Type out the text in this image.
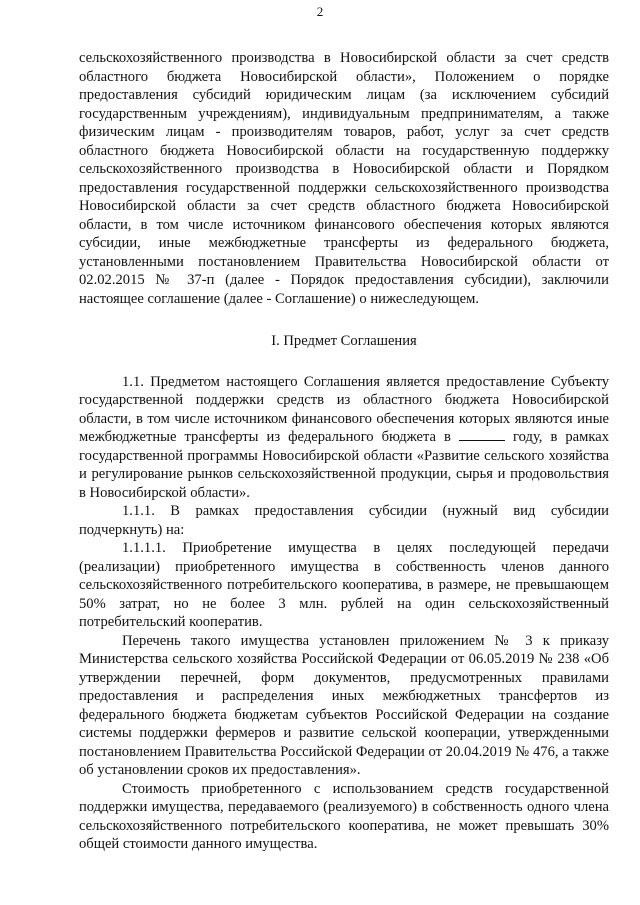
2

сельскохозяйственного производства в Новосибирской области за счет средств областного бюджета Новосибирской области», Положением о порядке предоставления субсидий юридическим лицам (за исключением субсидий государственным учреждениям), индивидуальным предпринимателям, а также физическим лицам - производителям товаров, работ, услуг за счет средств областного бюджета Новосибирской области на государственную поддержку сельскохозяйственного производства в Новосибирской области и Порядком предоставления государственной поддержки сельскохозяйственного производства Новосибирской области за счет средств областного бюджета Новосибирской области, в том числе источником финансового обеспечения которых являются субсидии, иные межбюджетные трансферты из федерального бюджета, установленными постановлением Правительства Новосибирской области от 02.02.2015 № 37-п (далее - Порядок предоставления субсидии), заключили настоящее соглашение (далее - Соглашение) о нижеследующем.

I. Предмет Соглашения

1.1. Предметом настоящего Соглашения является предоставление Субъекту государственной поддержки средств из областного бюджета Новосибирской области, в том числе источником финансового обеспечения которых являются иные межбюджетные трансферты из федерального бюджета в	году, в рамках государственной программы Новосибирской области «Развитие сельского хозяйства и регулирование рынков сельскохозяйственной продукции, сырья и продовольствия в Новосибирской области».

1.1.1. В рамках предоставления субсидии (нужный вид субсидии подчеркнуть) на:

1.1.1.1. Приобретение имущества в целях последующей передачи (реализации) приобретенного имущества в собственность членов данного сельскохозяйственного потребительского кооператива, в размере, не превышающем 50% затрат, но не более 3 млн. рублей на один сельскохозяйственный потребительский кооператив.

Перечень такого имущества установлен приложением № 3 к приказу Министерства сельского хозяйства Российской Федерации от 06.05.2019 № 238 «Об утверждении перечней, форм документов, предусмотренных правилами предоставления и распределения иных межбюджетных трансфертов из федерального бюджета бюджетам субъектов Российской Федерации на создание системы поддержки фермеров и развитие сельской кооперации, утвержденными постановлением Правительства Российской Федерации от 20.04.2019 № 476, а также об установлении сроков их предоставления».

Стоимость приобретенного с использованием средств государственной поддержки имущества, передаваемого (реализуемого) в собственность одного члена сельскохозяйственного потребительского кооператива, не может превышать 30% общей стоимости данного имущества.
